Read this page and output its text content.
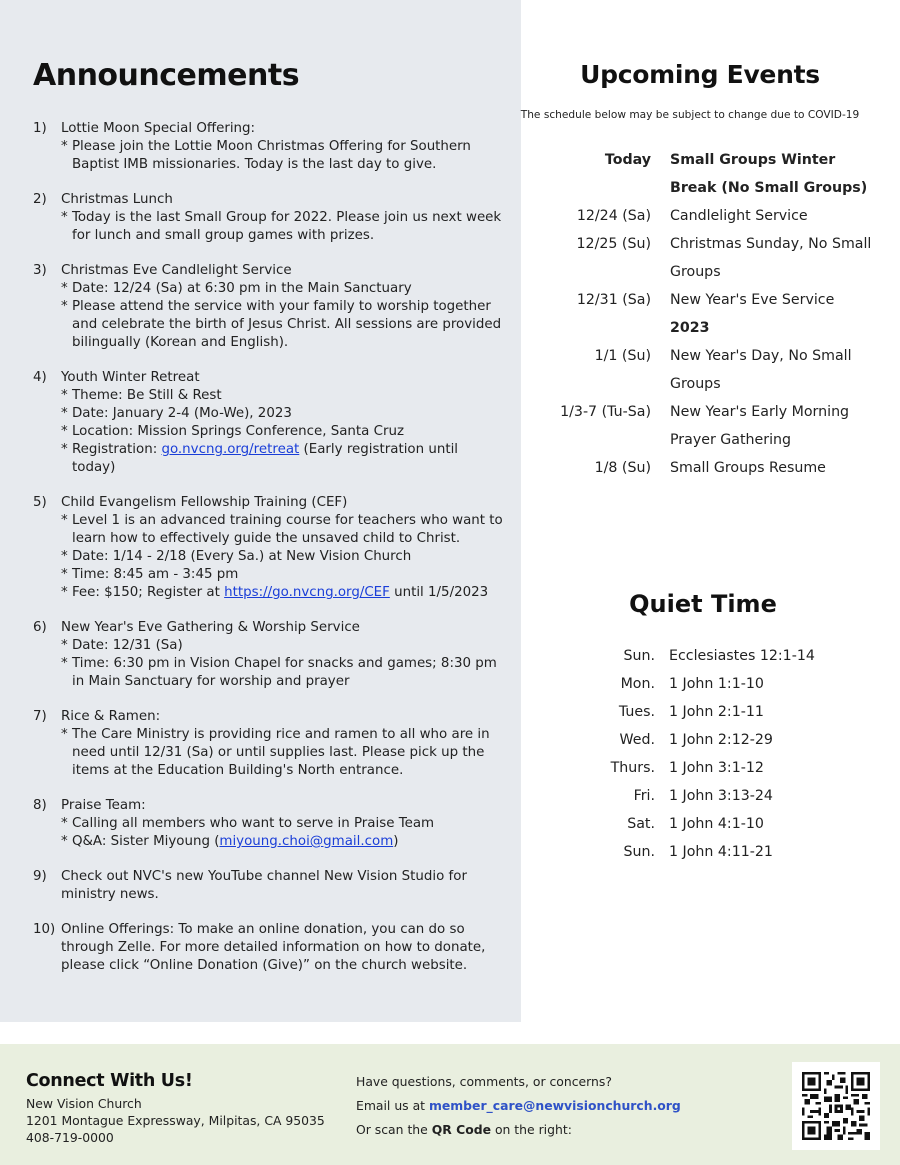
Announcements
1)	Lottie Moon Special Offering:
* Please join the Lottie Moon Christmas Offering for Southern Baptist IMB missionaries. Today is the last day to give.
2)	Christmas Lunch
* Today is the last Small Group for 2022. Please join us next week for lunch and small group games with prizes.
3)	Christmas Eve Candlelight Service
* Date: 12/24 (Sa) at 6:30 pm in the Main Sanctuary
* Please attend the service with your family to worship together and celebrate the birth of Jesus Christ. All sessions are provided bilingually (Korean and English).
4)	Youth Winter Retreat
* Theme: Be Still & Rest
* Date: January 2-4 (Mo-We), 2023
* Location: Mission Springs Conference, Santa Cruz
* Registration: go.nvcng.org/retreat (Early registration until today)
5)	Child Evangelism Fellowship Training (CEF)
* Level 1 is an advanced training course for teachers who want to learn how to effectively guide the unsaved child to Christ.
* Date: 1/14 - 2/18 (Every Sa.) at New Vision Church
* Time: 8:45 am - 3:45 pm
* Fee: $150; Register at https://go.nvcng.org/CEF until 1/5/2023
6)	New Year's Eve Gathering & Worship Service
* Date: 12/31 (Sa)
* Time: 6:30 pm in Vision Chapel for snacks and games; 8:30 pm in Main Sanctuary for worship and prayer
7)	Rice & Ramen:
* The Care Ministry is providing rice and ramen to all who are in need until 12/31 (Sa) or until supplies last. Please pick up the items at the Education Building's North entrance.
8)	Praise Team:
* Calling all members who want to serve in Praise Team
* Q&A: Sister Miyoung (miyoung.choi@gmail.com)
9)	Check out NVC's new YouTube channel New Vision Studio for
ministry news.
10) Online Offerings: To make an online donation, you can do so
through Zelle. For more detailed information on how to donate, please click “Online Donation (Give)” on the church website.
Upcoming Events
The schedule below may be subject to change due to COVID-19
Today	Small Groups Winter Break (No Small Groups)
12/24 (Sa)	Candlelight Service
12/25 (Su)	Christmas Sunday, No Small Groups
12/31 (Sa)	New Year's Eve Service
2023
1/1 (Su)	New Year's Day, No Small Groups
1/3-7 (Tu-Sa)	New Year's Early Morning Prayer Gathering
1/8 (Su)	Small Groups Resume
Quiet Time
Sun. Ecclesiastes 12:1-14
Mon. 1 John 1:1-10
Tues. 1 John 2:1-11
Wed. 1 John 2:12-29
Thurs. 1 John 3:1-12
Fri. 1 John 3:13-24
Sat. 1 John 4:1-10
Sun. 1 John 4:11-21
Connect With Us!
New Vision Church
1201 Montague Expressway, Milpitas, CA 95035
408-719-0000
Have questions, comments, or concerns?
Email us at member_care@newvisionchurch.org
Or scan the QR Code on the right:
